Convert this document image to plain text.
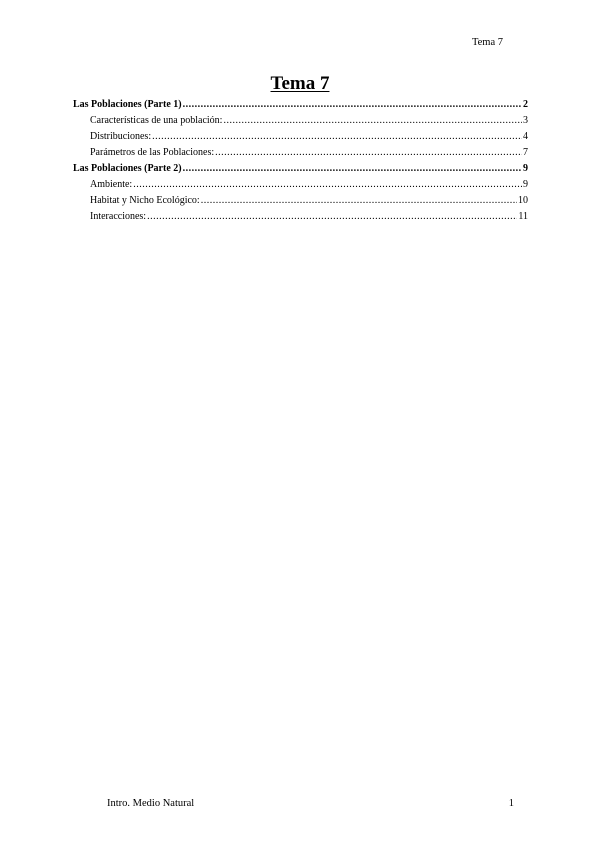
Tema 7
Tema 7
Las Poblaciones (Parte 1) .....	2
Características de una población: .....	3
Distribuciones: .....	4
Parámetros de las Poblaciones: .....	7
Las Poblaciones (Parte 2) .....	9
Ambiente: .....	9
Habitat y Nicho Ecológico: .....	10
Interacciones: .....	11
Intro. Medio Natural	1
